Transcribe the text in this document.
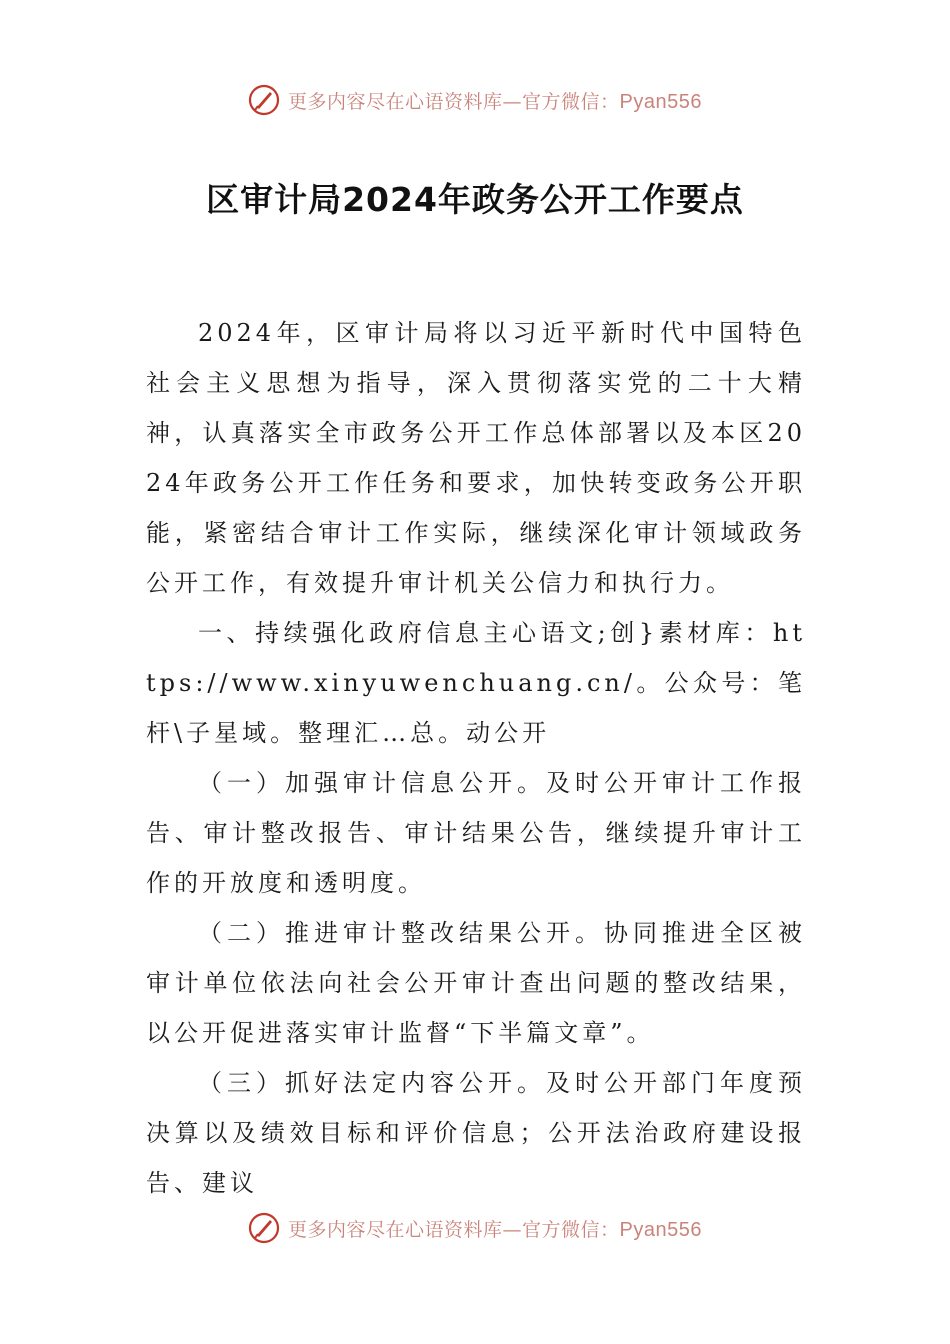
更多内容尽在心语资料库—官方微信：Pyan556
区审计局2024年政务公开工作要点

2024年，区审计局将以习近平新时代中国特色社会主义思想为指导，深入贯彻落实党的二十大精神，认真落实全市政务公开工作总体部署以及本区2024年政务公开工作任务和要求，加快转变政务公开职能，紧密结合审计工作实际，继续深化审计领域政务公开工作，有效提升审计机关公信力和执行力。

一、持续强化政府信息主心语文;创}素材库：https://www.xinyuwenchuang.cn/。公众号：笔杆\子星域。整理汇…总。动公开

（一）加强审计信息公开。及时公开审计工作报告、审计整改报告、审计结果公告，继续提升审计工作的开放度和透明度。

（二）推进审计整改结果公开。协同推进全区被审计单位依法向社会公开审计查出问题的整改结果，以公开促进落实审计监督“下半篇文章”。

（三）抓好法定内容公开。及时公开部门年度预决算以及绩效目标和评价信息；公开法治政府建设报告、建议

更多内容尽在心语资料库—官方微信：Pyan556
